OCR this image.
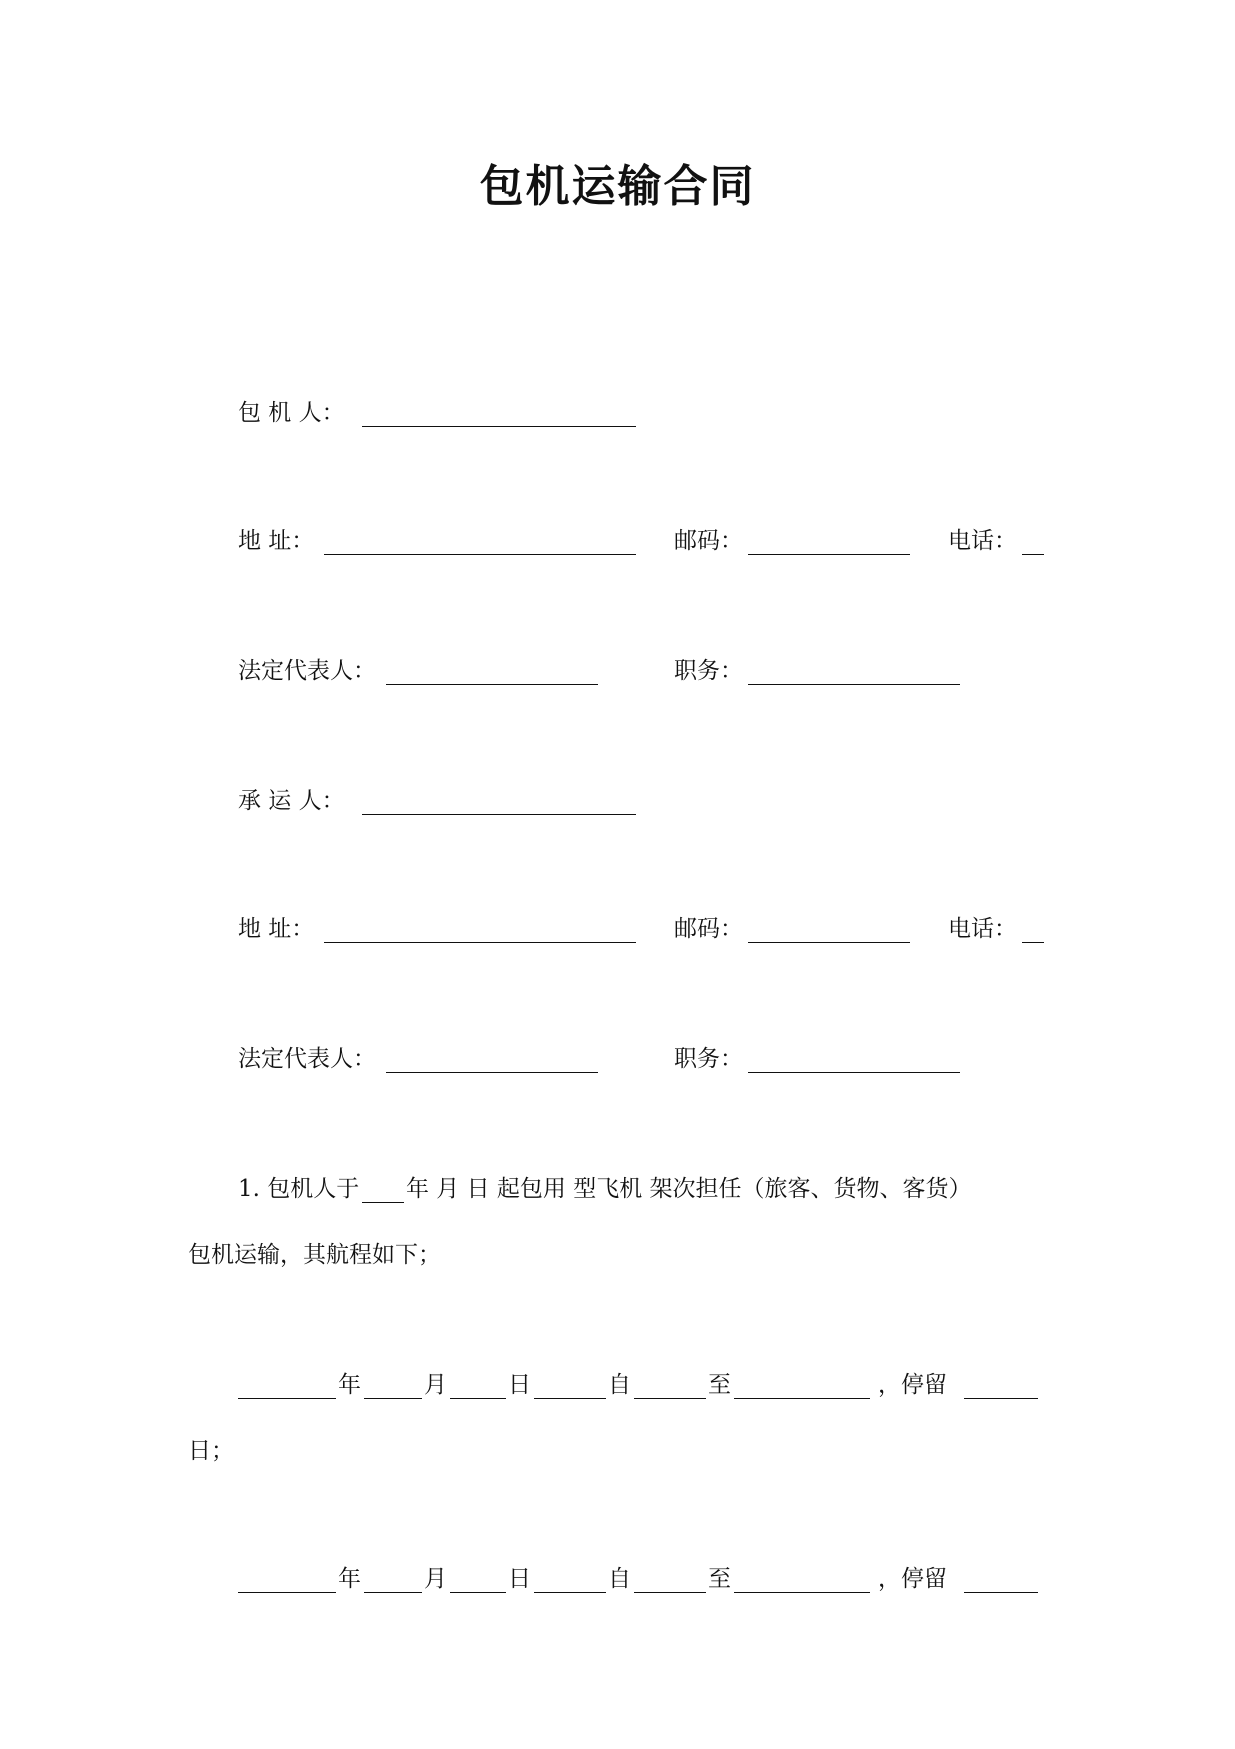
包机运输合同
包 机 人：
地 址：	邮码：	电话：
法定代表人：	职务：
承 运 人：
地 址：	邮码：	电话：
法定代表人：	职务：
1. 包机人于 年 月 日 起包用 型飞机 架次担任（旅客、货物、客货）
包机运输，其航程如下；
年	月	日	自	至	，停留
日；
年	月	日	自	至	，停留
